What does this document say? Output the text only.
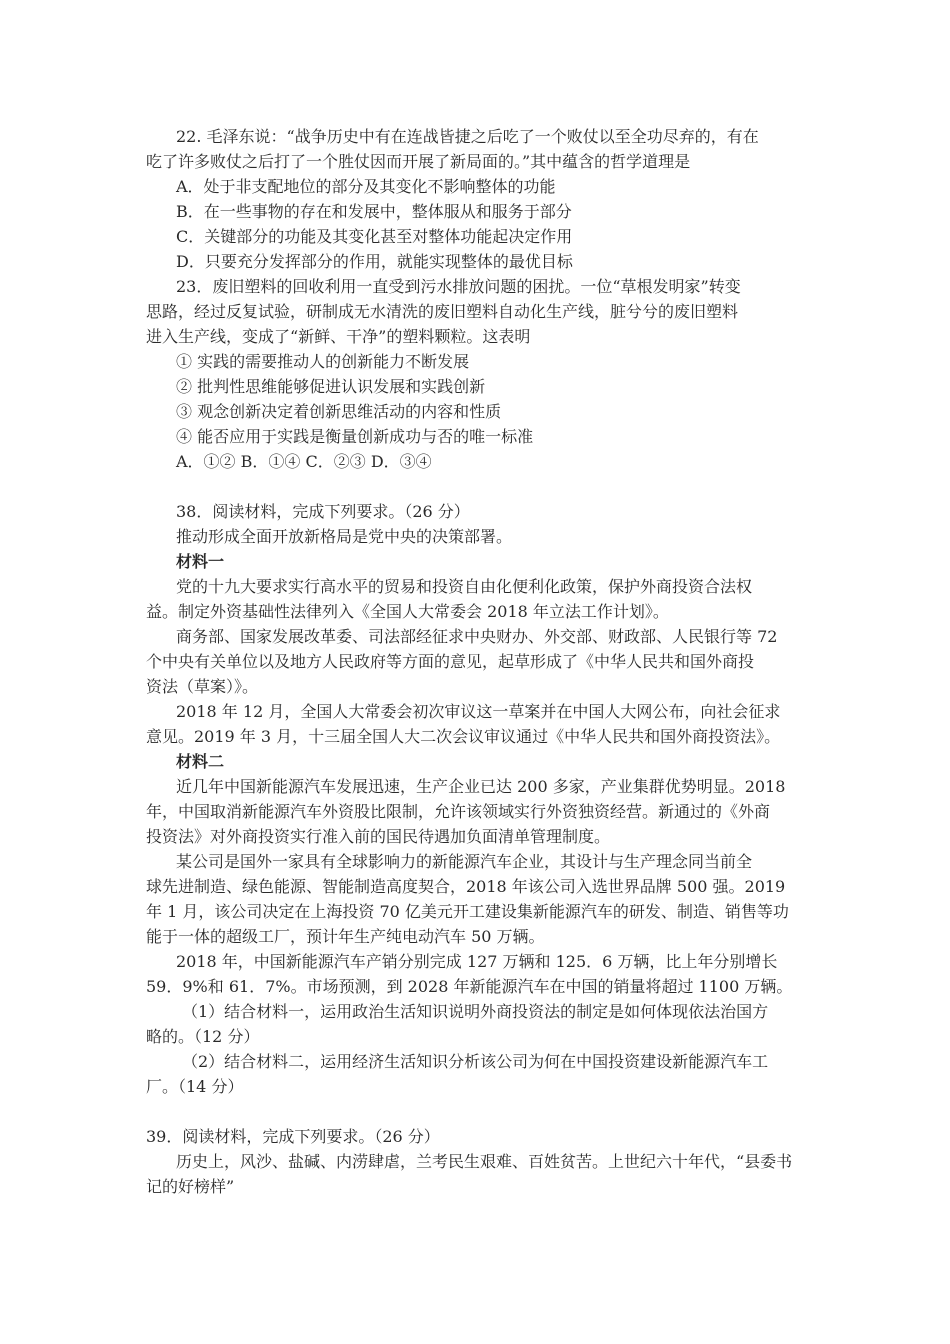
22. 毛泽东说：“战争历史中有在连战皆捷之后吃了一个败仗以至全功尽弃的，有在
吃了许多败仗之后打了一个胜仗因而开展了新局面的。”其中蕴含的哲学道理是
A．处于非支配地位的部分及其变化不影响整体的功能
B．在一些事物的存在和发展中，整体服从和服务于部分
C．关键部分的功能及其变化甚至对整体功能起决定作用
D．只要充分发挥部分的作用，就能实现整体的最优目标
23．废旧塑料的回收利用一直受到污水排放问题的困扰。一位“草根发明家”转变
思路，经过反复试验，研制成无水清洗的废旧塑料自动化生产线，脏兮兮的废旧塑料
进入生产线，变成了“新鲜、干净”的塑料颗粒。这表明
① 实践的需要推动人的创新能力不断发展
② 批判性思维能够促进认识发展和实践创新
③ 观念创新决定着创新思维活动的内容和性质
④ 能否应用于实践是衡量创新成功与否的唯一标准
A．①② B．①④ C．②③ D．③④
38．阅读材料，完成下列要求。（26 分）
推动形成全面开放新格局是党中央的决策部署。
材料一
党的十九大要求实行高水平的贸易和投资自由化便利化政策，保护外商投资合法权
益。制定外资基础性法律列入《全国人大常委会 2018 年立法工作计划》。
商务部、国家发展改革委、司法部经征求中央财办、外交部、财政部、人民银行等 72
个中央有关单位以及地方人民政府等方面的意见，起草形成了《中华人民共和国外商投
资法（草案）》。
2018 年 12 月，全国人大常委会初次审议这一草案并在中国人大网公布，向社会征求
意见。2019 年 3 月，十三届全国人大二次会议审议通过《中华人民共和国外商投资法》。
材料二
近几年中国新能源汽车发展迅速，生产企业已达 200 多家，产业集群优势明显。2018
年，中国取消新能源汽车外资股比限制，允许该领域实行外资独资经营。新通过的《外商
投资法》对外商投资实行准入前的国民待遇加负面清单管理制度。
某公司是国外一家具有全球影响力的新能源汽车企业，其设计与生产理念同当前全
球先进制造、绿色能源、智能制造高度契合，2018 年该公司入选世界品牌 500 强。2019
年 1 月，该公司决定在上海投资 70 亿美元开工建设集新能源汽车的研发、制造、销售等功
能于一体的超级工厂，预计年生产纯电动汽车 50 万辆。
2018 年，中国新能源汽车产销分别完成 127 万辆和 125．6 万辆，比上年分别增长
59．9%和 61．7%。市场预测，到 2028 年新能源汽车在中国的销量将超过 1100 万辆。
（1）结合材料一，运用政治生活知识说明外商投资法的制定是如何体现依法治国方
略的。（12 分）
（2）结合材料二，运用经济生活知识分析该公司为何在中国投资建设新能源汽车工
厂。（14 分）
39．阅读材料，完成下列要求。（26 分）
历史上，风沙、盐碱、内涝肆虐，兰考民生艰难、百姓贫苦。上世纪六十年代，“县委书
记的好榜样”
